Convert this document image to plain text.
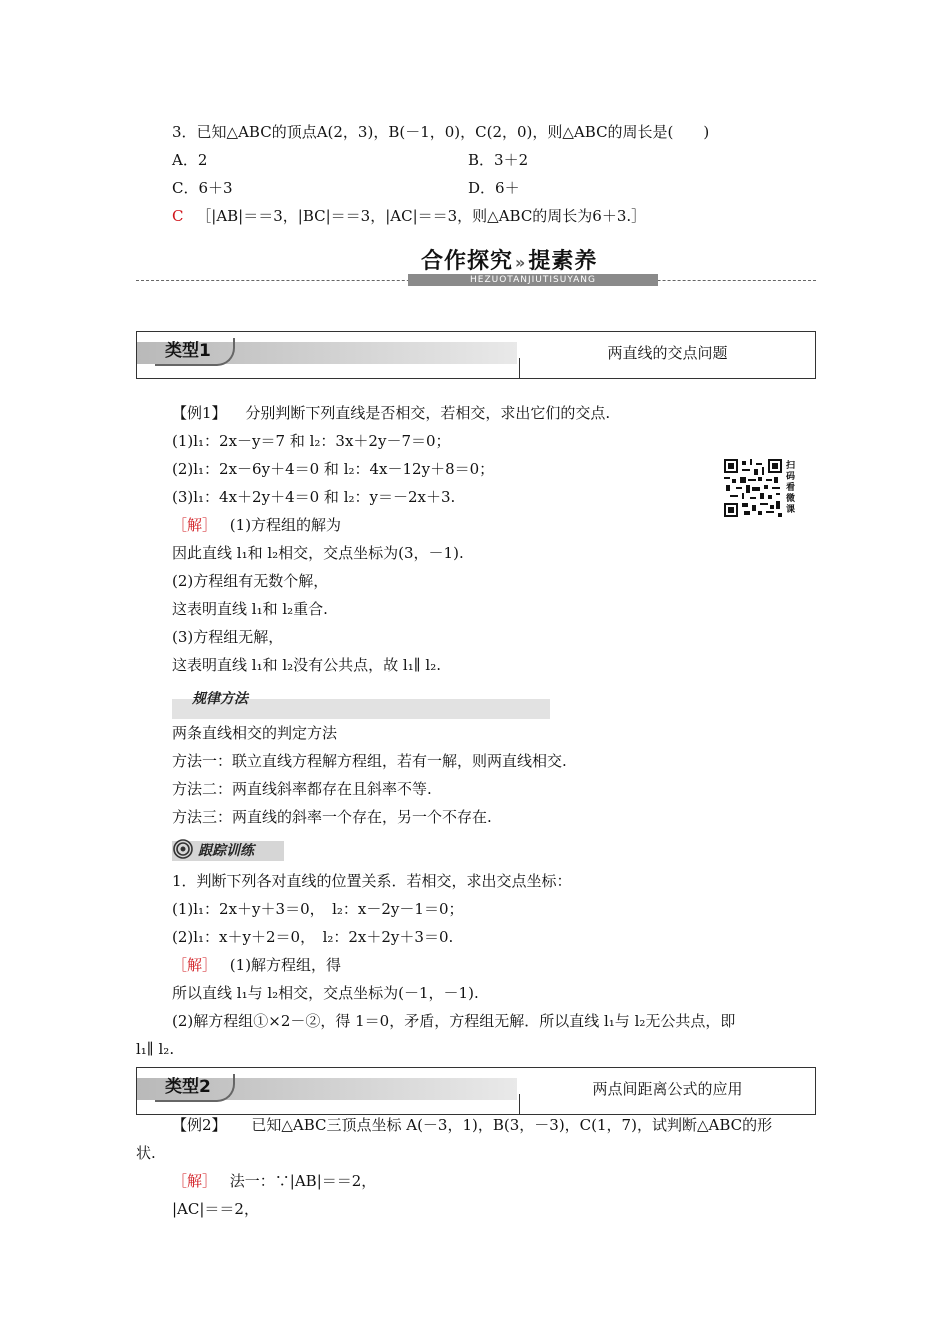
3．已知△ABC的顶点A(2，3)，B(－1，0)，C(2，0)，则△ABC的周长是(　　)
A．2	B．3＋2
C．6＋3	D．6＋
C ［|AB|＝＝3，|BC|＝＝3，|AC|＝＝3，则△ABC的周长为6＋3.］
合作探究 »提素养
HEZUOTANJIUTISUYANG
类型1	两直线的交点问题
【例1】 分别判断下列直线是否相交，若相交，求出它们的交点.
(1)l₁：2x－y＝7 和 l₂：3x＋2y－7＝0；
(2)l₁：2x－6y＋4＝0 和 l₂：4x－12y＋8＝0；
(3)l₁：4x＋2y＋4＝0 和 l₂：y＝－2x＋3.
［解］ (1)方程组的解为
因此直线 l₁和 l₂相交，交点坐标为(3，－1).
(2)方程组有无数个解，
这表明直线 l₁和 l₂重合.
(3)方程组无解，
这表明直线 l₁和 l₂没有公共点，故 l₁∥ l₂.
扫码看微课
规律方法
两条直线相交的判定方法
方法一：联立直线方程解方程组，若有一解，则两直线相交.
方法二：两直线斜率都存在且斜率不等.
方法三：两直线的斜率一个存在，另一个不存在.
跟踪训练
1．判断下列各对直线的位置关系．若相交，求出交点坐标：
(1)l₁：2x＋y＋3＝0，　l₂：x－2y－1＝0；
(2)l₁：x＋y＋2＝0，　l₂：2x＋2y＋3＝0.
［解］ (1)解方程组，得
所以直线 l₁与 l₂相交，交点坐标为(－1，－1).
(2)解方程组①×2－②，得 1＝0，矛盾，方程组无解．所以直线 l₁与 l₂无公共点，即
l₁∥ l₂.
类型2	两点间距离公式的应用
【例2】 已知△ABC三顶点坐标 A(－3，1)，B(3，－3)，C(1，7)，试判断△ABC的形
状.
［解］ 法一：∵|AB|＝＝2，
|AC|＝＝2，
